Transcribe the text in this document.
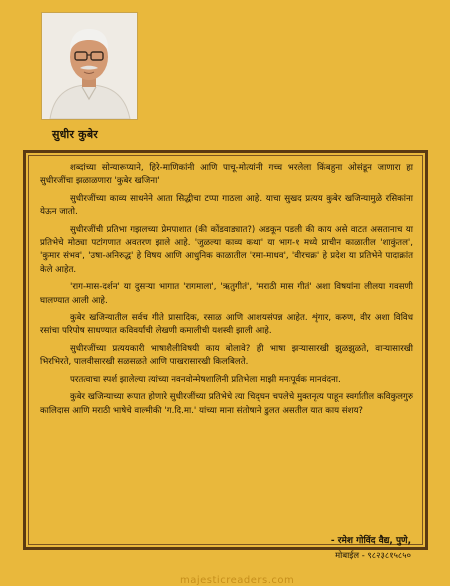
सुधीर कुबेर

शब्दांच्या सोन्यारूप्याने, हिरे-माणिकांनी आणि पाचू-मोत्यांनी गच्च भरलेला किंबहुना ओसंडून जाणारा हा सुधीरजींचा झळाळणारा 'कुबेर खजिना'

सुधीरजींच्या काव्य साधनेने आता सिद्धीचा टप्पा गाठला आहे. याचा सुखद प्रत्यय कुबेर खजिन्यामुळे रसिकांना येऊन जातो.

सुधीरजींची प्रतिभा गझलच्या प्रेमपाशात (की कोंडवाड्यात?) अडकून पडली की काय असे वाटत असतानाच या प्रतिभेचे मोठ्या पटांगणात अवतरण झाले आहे. 'जुळल्या काव्य कथा' या भाग-१ मध्ये प्राचीन काळातील 'शाकुंतल', 'कुमार संभव', 'उषा-अनिरुद्ध' हे विषय आणि आधुनिक काळातील 'रमा-माधव', 'वीरचक्र' हे प्रदेश या प्रतिभेने पादाक्रांत केले आहेत.

'राग-मास-दर्शन' या दुसऱ्या भागात 'रागमाला', 'ऋतुगीतं', 'मराठी मास गीतं' अशा विषयांना लीलया गवसणी घालण्यात आली आहे.

कुबेर खजिन्यातील सर्वच गीते प्रासादिक, रसाळ आणि आशयसंपन्न आहेत. शृंगार, करुण, वीर अशा विविध रसांचा परिपोष साधण्यात कविवर्यांची लेखणी कमालीची यशस्वी झाली आहे.

सुधीरजींच्या प्रत्ययकारी भाषाशैलीविषयी काय बोलावे? ही भाषा झऱ्यासारखी झुळझुळते, वाऱ्यासारखी भिरभिरते, पालवीसारखी सळसळते आणि पाखरासारखी किलबिलते.

परतत्वाचा स्पर्श झालेल्या त्यांच्या नवनवोन्मेषशालिनी प्रतिभेला माझी मनःपूर्वक मानवंदना.

कुबेर खजिन्याच्या रूपात होणारे सुधीरजींच्या प्रतिभेचे त्या चिद्‌घन चपलेचे मुक्तनृत्य पाहून स्वर्गातील कविकुलगुरु कालिदास आणि मराठी भाषेचे वाल्मीकी 'ग.दि.मा.' यांच्या माना संतोषाने डुलत असतील यात काय संशय?

- रमेश गोविंद वैद्य, पुणे,
मोबाईल - ९८२३८१५८५०
majesticreaders.com
